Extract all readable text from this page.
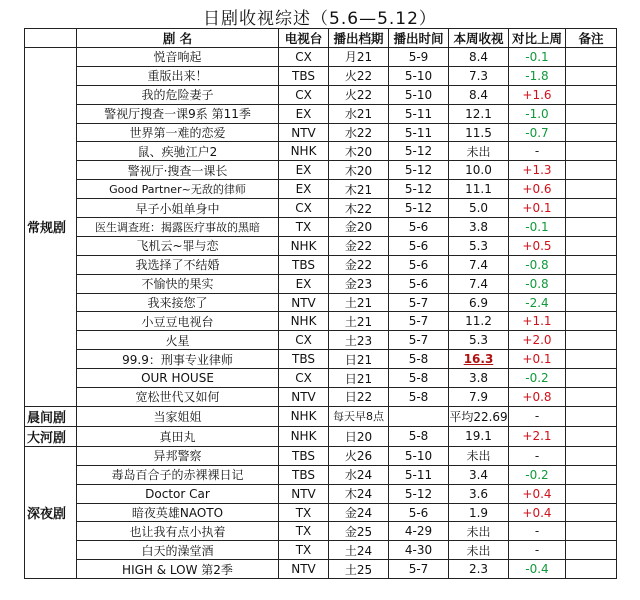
日剧收视综述（5.6—5.12）
	剧 名	电视台	播出档期	播出时间	本周收视	对比上周	备注
常规剧	悦音响起	CX	月21	5-9	8.4	-0.1	
	重版出来！	TBS	火22	5-10	7.3	-1.8	
	我的危险妻子	CX	火22	5-10	8.4	+1.6	
	警视厅搜查一课9系 第11季	EX	水21	5-11	12.1	-1.0	
	世界第一难的恋爱	NTV	水22	5-11	11.5	-0.7	
	鼠、疾驰江户2	NHK	木20	5-12	未出	-	
	警视厅·搜查一课长	EX	木20	5-12	10.0	+1.3	
	Good Partner~无敌的律师	EX	木21	5-12	11.1	+0.6	
	早子小姐单身中	CX	木22	5-12	5.0	+0.1	
	医生调查班：揭露医疗事故的黑暗	TX	金20	5-6	3.8	-0.1	
	飞机云~罪与恋	NHK	金22	5-6	5.3	+0.5	
	我选择了不结婚	TBS	金22	5-6	7.4	-0.8	
	不愉快的果实	EX	金23	5-6	7.4	-0.8	
	我来接您了	NTV	土21	5-7	6.9	-2.4	
	小豆豆电视台	NHK	土21	5-7	11.2	+1.1	
	火星	CX	土23	5-7	5.3	+2.0	
	99.9：刑事专业律师	TBS	日21	5-8	16.3	+0.1	
	OUR HOUSE	CX	日21	5-8	3.8	-0.2	
	宽松世代又如何	NTV	日22	5-8	7.9	+0.8	
晨间剧	当家姐姐	NHK	每天早8点		平均22.69	-	
大河剧	真田丸	NHK	日20	5-8	19.1	+2.1	
深夜剧	异邦警察	TBS	火26	5-10	未出	-	
	毒岛百合子的赤裸裸日记	TBS	水24	5-11	3.4	-0.2	
	Doctor Car	NTV	木24	5-12	3.6	+0.4	
	暗夜英雄NAOTO	TX	金24	5-6	1.9	+0.4	
	也让我有点小执着	TX	金25	4-29	未出	-	
	白天的澡堂酒	TX	土24	4-30	未出	-	
	HIGH & LOW 第2季	NTV	土25	5-7	2.3	-0.4	
